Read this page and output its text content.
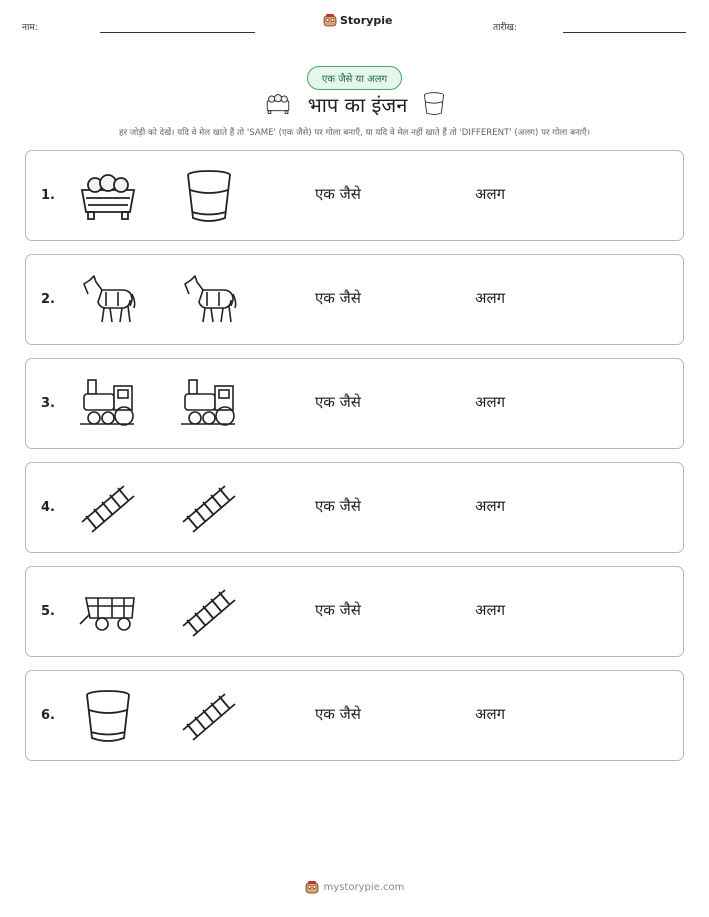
नाम:
Storypie
तारीख:
एक जैसे या अलग
भाप का इंजन
हर जोड़ी को देखें। यदि वे मेल खाते हैं तो 'SAME' (एक जैसे) पर गोला बनाएँ, या यदि वे मेल नहीं खाते हैं तो 'DIFFERENT' (अलग) पर गोला बनाएँ।
1.	एक जैसे	अलग
2.	एक जैसे	अलग
3.	एक जैसे	अलग
4.	एक जैसे	अलग
5.	एक जैसे	अलग
6.	एक जैसे	अलग
mystorypie.com
